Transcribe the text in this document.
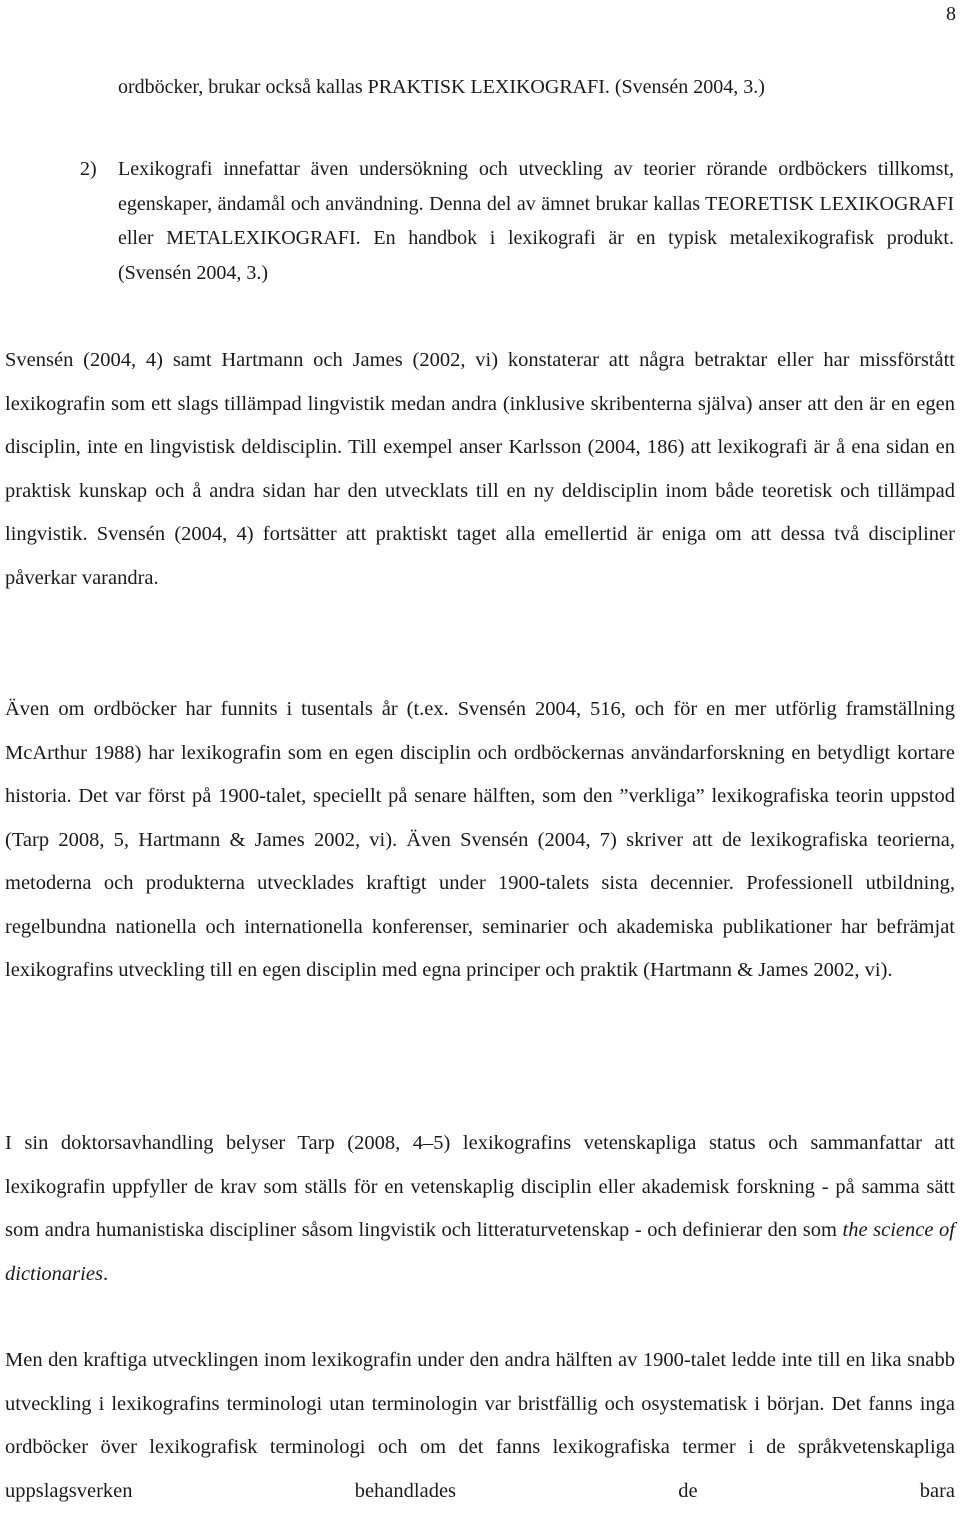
8
ordböcker, brukar också kallas PRAKTISK LEXIKOGRAFI. (Svensén 2004, 3.)
2) Lexikografi innefattar även undersökning och utveckling av teorier rörande ordböckers tillkomst, egenskaper, ändamål och användning. Denna del av ämnet brukar kallas TEORETISK LEXIKOGRAFI eller METALEXIKOGRAFI. En handbok i lexikografi är en typisk metalexikografisk produkt. (Svensén 2004, 3.)

Svensén (2004, 4) samt Hartmann och James (2002, vi) konstaterar att några betraktar eller har missförstått lexikografin som ett slags tillämpad lingvistik medan andra (inklusive skribenterna själva) anser att den är en egen disciplin, inte en lingvistisk deldisciplin. Till exempel anser Karlsson (2004, 186) att lexikografi är å ena sidan en praktisk kunskap och å andra sidan har den utvecklats till en ny deldisciplin inom både teoretisk och tillämpad lingvistik. Svensén (2004, 4) fortsätter att praktiskt taget alla emellertid är eniga om att dessa två discipliner påverkar varandra.

Även om ordböcker har funnits i tusentals år (t.ex. Svensén 2004, 516, och för en mer utförlig framställning McArthur 1988) har lexikografin som en egen disciplin och ordböckernas användarforskning en betydligt kortare historia. Det var först på 1900-talet, speciellt på senare hälften, som den ”verkliga” lexikografiska teorin uppstod (Tarp 2008, 5, Hartmann & James 2002, vi). Även Svensén (2004, 7) skriver att de lexikografiska teorierna, metoderna och produkterna utvecklades kraftigt under 1900-talets sista decennier. Professionell utbildning, regelbundna nationella och internationella konferenser, seminarier och akademiska publikationer har befrämjat lexikografins utveckling till en egen disciplin med egna principer och praktik (Hartmann & James 2002, vi).

I sin doktorsavhandling belyser Tarp (2008, 4–5) lexikografins vetenskapliga status och sammanfattar att lexikografin uppfyller de krav som ställs för en vetenskaplig disciplin eller akademisk forskning - på samma sätt som andra humanistiska discipliner såsom lingvistik och litteraturvetenskap - och definierar den som the science of dictionaries.

Men den kraftiga utvecklingen inom lexikografin under den andra hälften av 1900-talet ledde inte till en lika snabb utveckling i lexikografins terminologi utan terminologin var bristfällig och osystematisk i början. Det fanns inga ordböcker över lexikografisk terminologi och om det fanns lexikografiska termer i de språkvetenskapliga uppslagsverken behandlades de bara
